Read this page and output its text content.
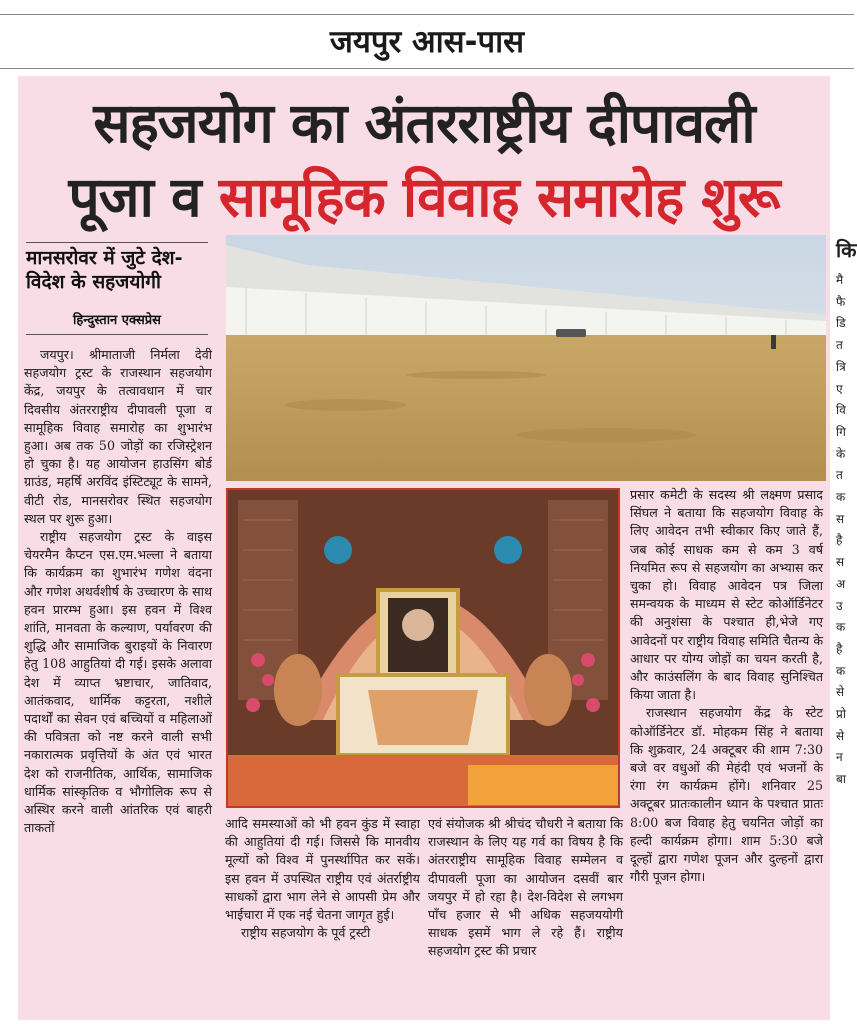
जयपुर आस-पास
सहजयोग का अंतरराष्ट्रीय दीपावली
पूजा व सामूहिक विवाह समारोह शुरू
मानसरोवर में जुटे देश-विदेश के सहजयोगी
हिन्दुस्तान एक्सप्रेस

जयपुर। श्रीमाताजी निर्मला देवी सहजयोग ट्रस्ट के राजस्थान सहजयोग केंद्र, जयपुर के तत्वावधान में चार दिवसीय अंतरराष्ट्रीय दीपावली पूजा व सामूहिक विवाह समारोह का शुभारंभ हुआ। अब तक 50 जोड़ों का रजिस्ट्रेशन हो चुका है। यह आयोजन हाउसिंग बोर्ड ग्राउंड, महर्षि अरविंद इंस्टिट्यूट के सामने, वीटी रोड, मानसरोवर स्थित सहजयोग स्थल पर शुरू हुआ।

राष्ट्रीय सहजयोग ट्रस्ट के वाइस चेयरमैन कैप्टन एस.एम.भल्ला ने बताया कि कार्यक्रम का शुभारंभ गणेश वंदना और गणेश अथर्वशीर्ष के उच्चारण के साथ हवन प्रारम्भ हुआ। इस हवन में विश्व शांति, मानवता के कल्याण, पर्यावरण की शुद्धि और सामाजिक बुराइयों के निवारण हेतु 108 आहुतियां दी गई। इसके अलावा देश में व्याप्त भ्रष्टाचार, जातिवाद, आतंकवाद, धार्मिक कट्टरता, नशीले पदार्थों का सेवन एवं बच्चियों व महिलाओं की पवित्रता को नष्ट करने वाली सभी नकारात्मक प्रवृत्तियों के अंत एवं भारत देश को राजनीतिक, आर्थिक, सामाजिक धार्मिक सांस्कृतिक व भौगोलिक रूप से अस्थिर करने वाली आंतरिक एवं बाहरी ताकतों	आदि समस्याओं को भी हवन कुंड में स्वाहा की आहुतियां दी गई। जिससे कि मानवीय मूल्यों को विश्व में पुनर्स्थापित कर सकें। इस हवन में उपस्थित राष्ट्रीय एवं अंतर्राष्ट्रीय साधकों द्वारा भाग लेने से आपसी प्रेम और भाईचारा में एक नई चेतना जागृत हुई।

राष्ट्रीय सहजयोग के पूर्व ट्रस्टी

एवं संयोजक श्री श्रीचंद चौधरी ने बताया कि राजस्थान के लिए यह गर्व का विषय है कि अंतरराष्ट्रीय सामूहिक विवाह सम्मेलन व दीपावली पूजा का आयोजन दसवीं बार जयपुर में हो रहा है। देश-विदेश से लगभग पाँच हजार से भी अधिक सहजययोगी साधक इसमें भाग ले रहे हैं। राष्ट्रीय सहजयोग ट्रस्ट की प्रचार

प्रसार कमेटी के सदस्य श्री लक्ष्मण प्रसाद सिंघल ने बताया कि सहजयोग विवाह के लिए आवेदन तभी स्वीकार किए जाते हैं, जब कोई साधक कम से कम 3 वर्ष नियमित रूप से सहजयोग का अभ्यास कर चुका हो। विवाह आवेदन पत्र जिला समन्वयक के माध्यम से स्टेट कोऑर्डिनेटर की अनुशंसा के पश्चात ही,भेजे गए आवेदनों पर राष्ट्रीय विवाह समिति चैतन्य के आधार पर योग्य जोड़ों का चयन करती है, और काउंसलिंग के बाद विवाह सुनिश्चित किया जाता है।

राजस्थान सहजयोग केंद्र के स्टेट कोऑर्डिनेटर डॉ. मोहकम सिंह ने बताया कि शुक्रवार, 24 अक्टूबर की शाम 7:30 बजे वर वधुओं की मेहंदी एवं भजनों के रंगा रंग कार्यक्रम होंगे। शनिवार 25 अक्टूबर प्रातःकालीन ध्यान के पश्चात प्रातः 8:00 बज विवाह हेतु चयनित जोड़ों का हल्दी कार्यक्रम होगा। शाम 5:30 बजे दूल्हों द्वारा गणेश पूजन और दुल्हनों द्वारा गौरी पूजन होगा।

कि
मै
फै
डि
त
त्रि
ए
वि
गि
के
त
क
स
है
स
अ
उ
क
है
क
से
प्रो
से
न
बा
